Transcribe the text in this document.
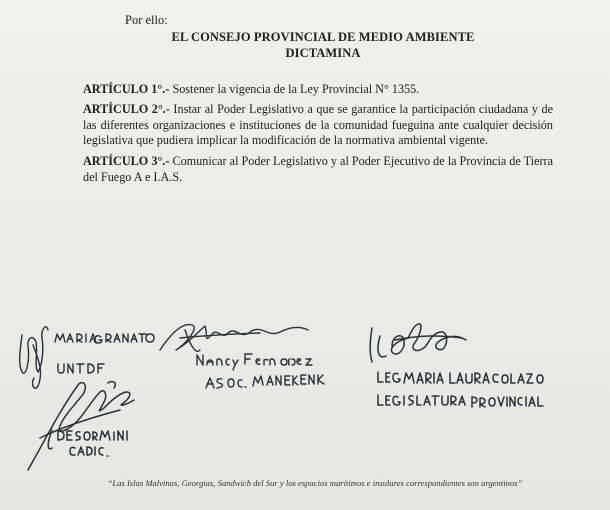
Por ello:
EL CONSEJO PROVINCIAL DE MEDIO AMBIENTE
DICTAMINA
ARTÍCULO 1°.- Sostener la vigencia de la Ley Provincial N° 1355.
ARTÍCULO 2°.- Instar al Poder Legislativo a que se garantice la participación ciudadana y de las diferentes organizaciones e instituciones de la comunidad fueguina ante cualquier decisión legislativa que pudiera implicar la modificación de la normativa ambiental vigente.
ARTÍCULO 3°.- Comunicar al Poder Legislativo y al Poder Ejecutivo de la Provincia de Tierra del Fuego A e I.A.S.
“Las Islas Malvinas, Georgias, Sandwich del Sur y los espacios marítimos e insulares correspondientes son argentinos”
